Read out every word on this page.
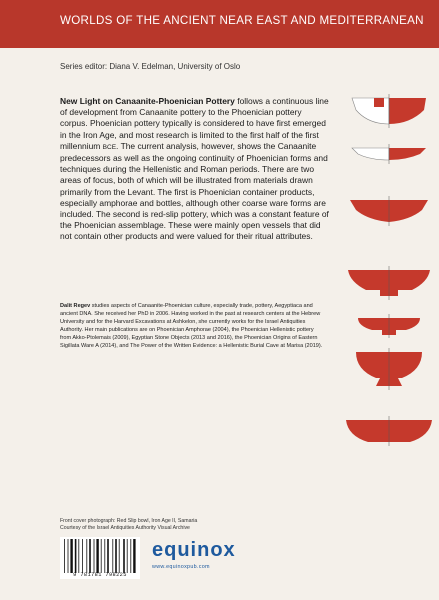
WORLDS OF THE ANCIENT NEAR EAST AND MEDITERRANEAN
Series editor: Diana V. Edelman, University of Oslo

New Light on Canaanite-Phoenician Pottery follows a continuous line of development from Canaanite pottery to the Phoenician pottery corpus. Phoenician pottery typically is considered to have first emerged in the Iron Age, and most research is limited to the first half of the first millennium BCE. The current analysis, however, shows the Canaanite predecessors as well as the ongoing continuity of Phoenician forms and techniques during the Hellenistic and Roman periods. There are two areas of focus, both of which will be illustrated from materials drawn primarily from the Levant. The first is Phoenician container products, especially amphorae and bottles, although other coarse ware forms are included. The second is red-slip pottery, which was a constant feature of the Phoenician assemblage. These were mainly open vessels that did not contain other products and were valued for their ritual attributes.

Dalit Regev studies aspects of Canaanite-Phoenician culture, especially trade, pottery, Aegyptiaca and ancient DNA. She received her PhD in 2006. Having worked in the past at research centers at the Hebrew University and for the Harvard Excavations at Ashkelon, she currently works for the Israel Antiquities Authority. Her main publications are on Phoenician Amphorae (2004), the Phoenician Hellenistic pottery from Akko-Ptolemais (2009), Egyptian Stone Objects (2013 and 2016), the Phoenician Origins of Eastern Sigillata Ware A (2014), and The Power of the Written Evidence: a Hellenistic Burial Cave at Marisa (2019).

Front cover photograph: Red Slip bowl, Iron Age II, Samaria
Courtesy of the Israel Antiquities Authority Visual Archive

9 781781 798225
equinox
www.equinoxpub.com
